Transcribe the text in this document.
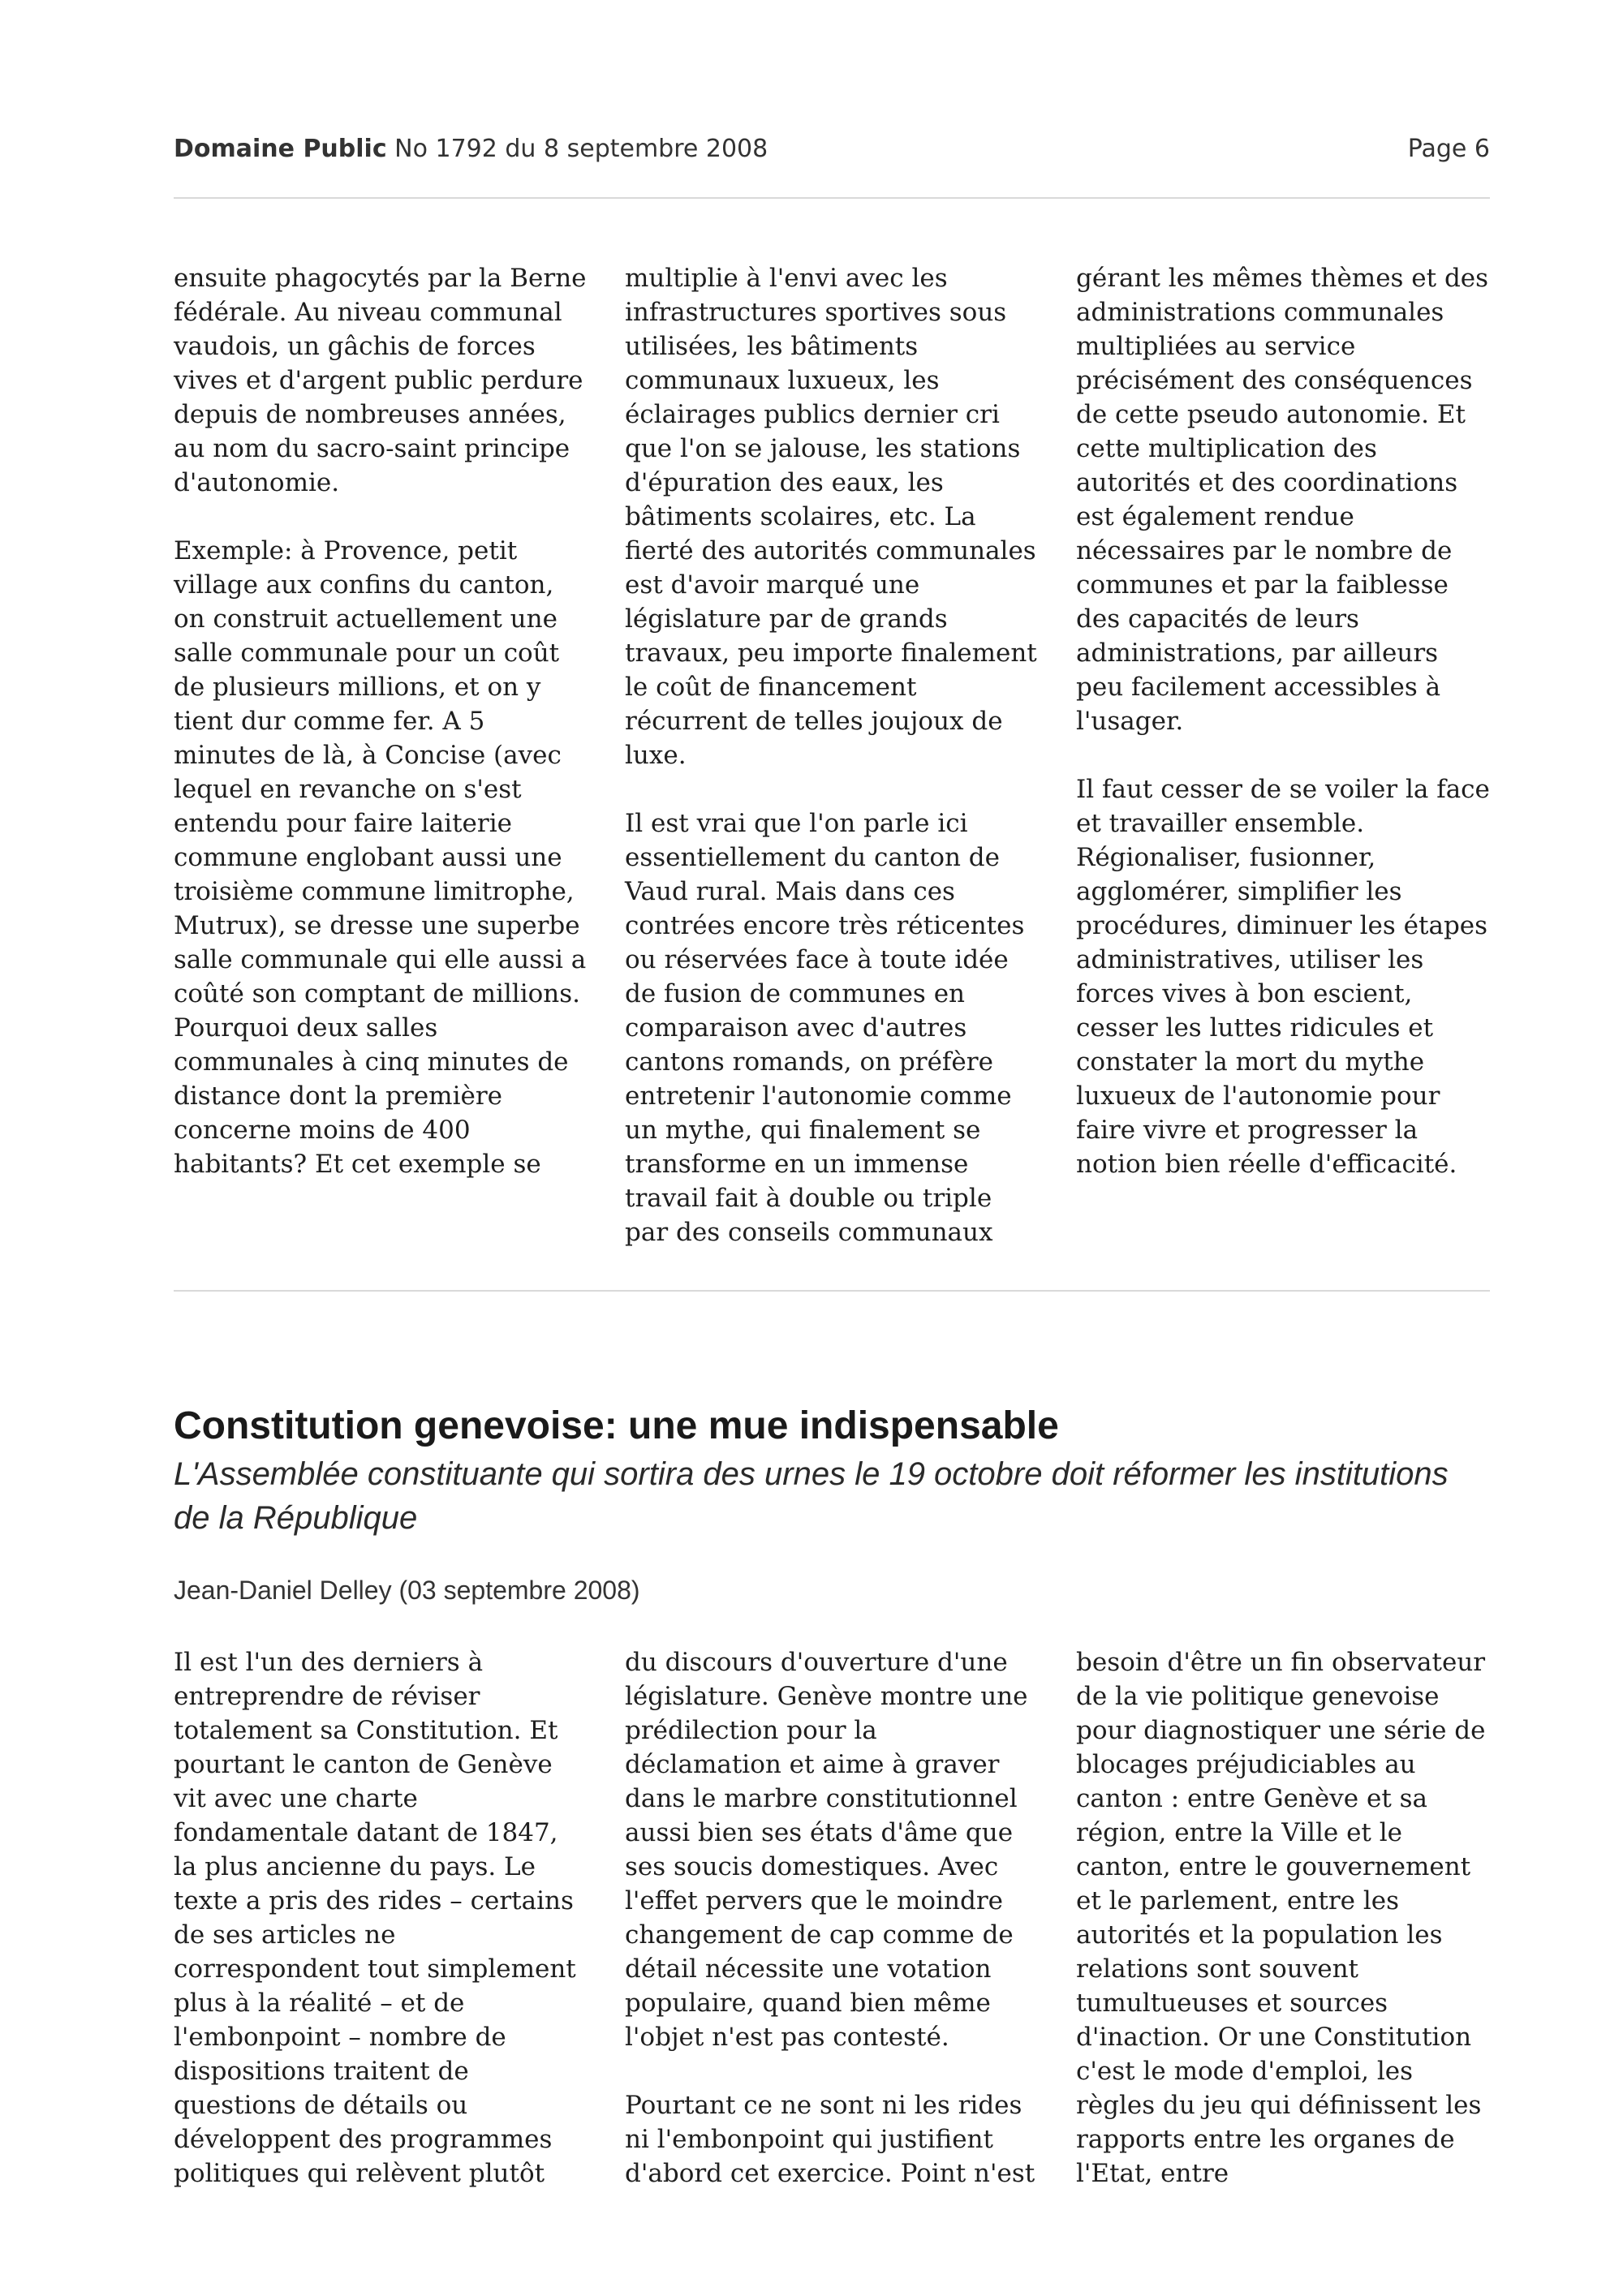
Domaine Public No 1792 du 8 septembre 2008	Page 6

ensuite phagocytés par la Berne fédérale. Au niveau communal vaudois, un gâchis de forces vives et d'argent public perdure depuis de nombreuses années, au nom du sacro-saint principe d'autonomie.

Exemple: à Provence, petit village aux confins du canton, on construit actuellement une salle communale pour un coût de plusieurs millions, et on y tient dur comme fer. A 5 minutes de là, à Concise (avec lequel en revanche on s'est entendu pour faire laiterie commune englobant aussi une troisième commune limitrophe, Mutrux), se dresse une superbe salle communale qui elle aussi a coûté son comptant de millions. Pourquoi deux salles communales à cinq minutes de distance dont la première concerne moins de 400 habitants? Et cet exemple se

multiplie à l'envi avec les infrastructures sportives sous utilisées, les bâtiments communaux luxueux, les éclairages publics dernier cri que l'on se jalouse, les stations d'épuration des eaux, les bâtiments scolaires, etc. La fierté des autorités communales est d'avoir marqué une législature par de grands travaux, peu importe finalement le coût de financement récurrent de telles joujoux de luxe.

Il est vrai que l'on parle ici essentiellement du canton de Vaud rural. Mais dans ces contrées encore très réticentes ou réservées face à toute idée de fusion de communes en comparaison avec d'autres cantons romands, on préfère entretenir l'autonomie comme un mythe, qui finalement se transforme en un immense travail fait à double ou triple par des conseils communaux

gérant les mêmes thèmes et des administrations communales multipliées au service précisément des conséquences de cette pseudo autonomie. Et cette multiplication des autorités et des coordinations est également rendue nécessaires par le nombre de communes et par la faiblesse des capacités de leurs administrations, par ailleurs peu facilement accessibles à l'usager.

Il faut cesser de se voiler la face et travailler ensemble. Régionaliser, fusionner, agglomérer, simplifier les procédures, diminuer les étapes administratives, utiliser les forces vives à bon escient, cesser les luttes ridicules et constater la mort du mythe luxueux de l'autonomie pour faire vivre et progresser la notion bien réelle d'efficacité.

Constitution genevoise: une mue indispensable
L'Assemblée constituante qui sortira des urnes le 19 octobre doit réformer les institutions de la République
Jean-Daniel Delley (03 septembre 2008)

Il est l'un des derniers à entreprendre de réviser totalement sa Constitution. Et pourtant le canton de Genève vit avec une charte fondamentale datant de 1847, la plus ancienne du pays. Le texte a pris des rides – certains de ses articles ne correspondent tout simplement plus à la réalité – et de l'embonpoint – nombre de dispositions traitent de questions de détails ou développent des programmes politiques qui relèvent plutôt

du discours d'ouverture d'une législature. Genève montre une prédilection pour la déclamation et aime à graver dans le marbre constitutionnel aussi bien ses états d'âme que ses soucis domestiques. Avec l'effet pervers que le moindre changement de cap comme de détail nécessite une votation populaire, quand bien même l'objet n'est pas contesté.

Pourtant ce ne sont ni les rides ni l'embonpoint qui justifient d'abord cet exercice. Point n'est

besoin d'être un fin observateur de la vie politique genevoise pour diagnostiquer une série de blocages préjudiciables au canton : entre Genève et sa région, entre la Ville et le canton, entre le gouvernement et le parlement, entre les autorités et la population les relations sont souvent tumultueuses et sources d'inaction. Or une Constitution c'est le mode d'emploi, les règles du jeu qui définissent les rapports entre les organes de l'Etat, entre
